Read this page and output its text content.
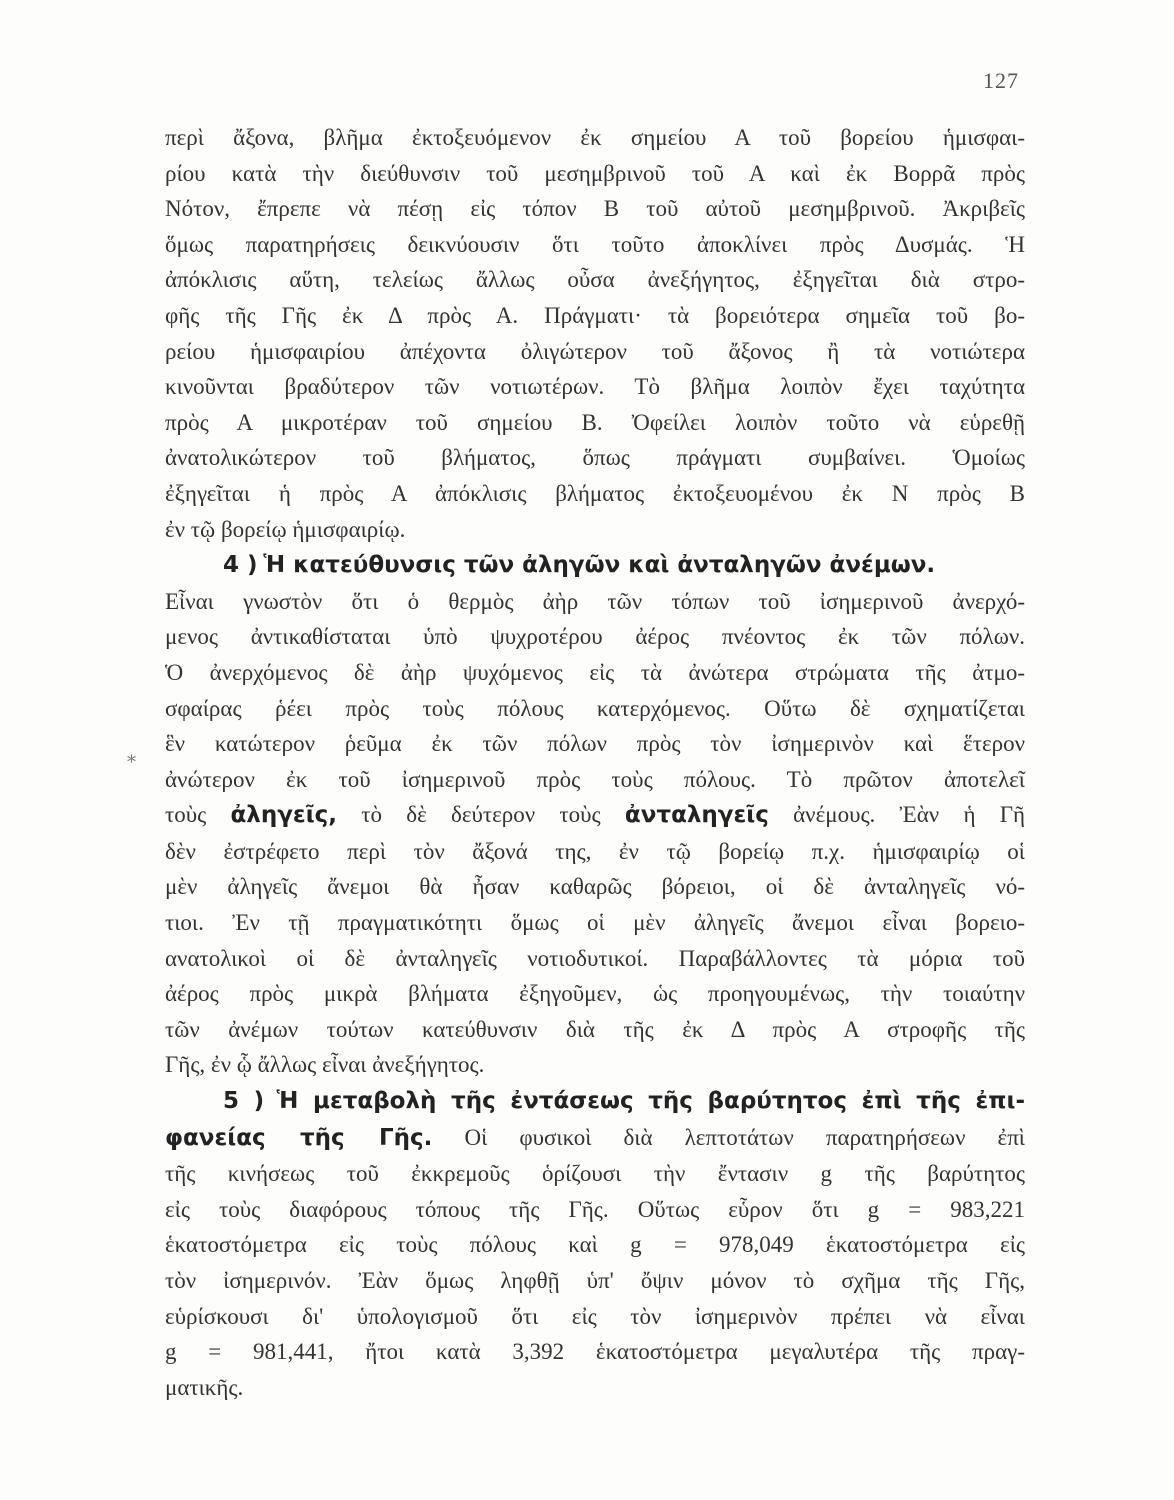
127
*
περὶ ἄξονα, βλῆμα ἐκτοξευόμενον ἐκ σημείου Α τοῦ βορείου ἡμισφαι-
ρίου κατὰ τὴν διεύθυνσιν τοῦ μεσημβρινοῦ τοῦ Α καὶ ἐκ Βορρᾶ πρὸς
Νότον, ἔπρεπε νὰ πέσῃ εἰς τόπον Β τοῦ αὐτοῦ μεσημβρινοῦ. Ἀκριβεῖς
ὅμως παρατηρήσεις δεικνύουσιν ὅτι τοῦτο ἀποκλίνει πρὸς Δυσμάς. Ἡ
ἀπόκλισις αὕτη, τελείως ἄλλως οὖσα ἀνεξήγητος, ἐξηγεῖται διὰ στρο-
φῆς τῆς Γῆς ἐκ Δ πρὸς Α. Πράγματι· τὰ βορειότερα σημεῖα τοῦ βο-
ρείου ἡμισφαιρίου ἀπέχοντα ὀλιγώτερον τοῦ ἄξονος ἢ τὰ νοτιώτερα
κινοῦνται βραδύτερον τῶν νοτιωτέρων. Τὸ βλῆμα λοιπὸν ἔχει ταχύτητα
πρὸς Α μικροτέραν τοῦ σημείου Β. Ὀφείλει λοιπὸν τοῦτο νὰ εὑρεθῇ
ἀνατολικώτερον τοῦ βλήματος, ὅπως πράγματι συμβαίνει. Ὁμοίως
ἐξηγεῖται ἡ πρὸς Α ἀπόκλισις βλήματος ἐκτοξευομένου ἐκ Ν πρὸς Β
ἐν τῷ βορείῳ ἡμισφαιρίῳ.
4 ) Ἡ κατεύθυνσις τῶν ἀληγῶν καὶ ἀνταληγῶν ἀνέμων.
Εἶναι γνωστὸν ὅτι ὁ θερμὸς ἀὴρ τῶν τόπων τοῦ ἰσημερινοῦ ἀνερχό-
μενος ἀντικαθίσταται ὑπὸ ψυχροτέρου ἀέρος πνέοντος ἐκ τῶν πόλων.
Ὁ ἀνερχόμενος δὲ ἀὴρ ψυχόμενος εἰς τὰ ἀνώτερα στρώματα τῆς ἀτμο-
σφαίρας ῥέει πρὸς τοὺς πόλους κατερχόμενος. Οὕτω δὲ σχηματίζεται
ἓν κατώτερον ῥεῦμα ἐκ τῶν πόλων πρὸς τὸν ἰσημερινὸν καὶ ἕτερον
ἀνώτερον ἐκ τοῦ ἰσημερινοῦ πρὸς τοὺς πόλους. Τὸ πρῶτον ἀποτελεῖ
τοὺς ἀληγεῖς, τὸ δὲ δεύτερον τοὺς ἀνταληγεῖς ἀνέμους. Ἐὰν ἡ Γῆ
δὲν ἐστρέφετο περὶ τὸν ἄξονά της, ἐν τῷ βορείῳ π.χ. ἡμισφαιρίῳ οἱ
μὲν ἀληγεῖς ἄνεμοι θὰ ἦσαν καθαρῶς βόρειοι, οἱ δὲ ἀνταληγεῖς νό-
τιοι. Ἐν τῇ πραγματικότητι ὅμως οἱ μὲν ἀληγεῖς ἄνεμοι εἶναι βορειο-
ανατολικοὶ οἱ δὲ ἀνταληγεῖς νοτιοδυτικοί. Παραβάλλοντες τὰ μόρια τοῦ
ἀέρος πρὸς μικρὰ βλήματα ἐξηγοῦμεν, ὡς προηγουμένως, τὴν τοιαύτην
τῶν ἀνέμων τούτων κατεύθυνσιν διὰ τῆς ἐκ Δ πρὸς Α στροφῆς τῆς
Γῆς, ἐν ᾧ ἄλλως εἶναι ἀνεξήγητος.
5 ) Ἡ μεταβολὴ τῆς ἐντάσεως τῆς βαρύτητος ἐπὶ τῆς ἐπι-
φανείας τῆς Γῆς. Οἱ φυσικοὶ διὰ λεπτοτάτων παρατηρήσεων ἐπὶ
τῆς κινήσεως τοῦ ἐκκρεμοῦς ὁρίζουσι τὴν ἔντασιν g τῆς βαρύτητος
εἰς τοὺς διαφόρους τόπους τῆς Γῆς. Οὕτως εὗρον ὅτι g = 983,221
ἑκατοστόμετρα εἰς τοὺς πόλους καὶ g = 978,049 ἑκατοστόμετρα εἰς
τὸν ἰσημερινόν. Ἐὰν ὅμως ληφθῇ ὑπ' ὄψιν μόνον τὸ σχῆμα τῆς Γῆς,
εὑρίσκουσι δι' ὑπολογισμοῦ ὅτι εἰς τὸν ἰσημερινὸν πρέπει νὰ εἶναι
g = 981,441, ἤτοι κατὰ 3,392 ἑκατοστόμετρα μεγαλυτέρα τῆς πραγ-
ματικῆς.
